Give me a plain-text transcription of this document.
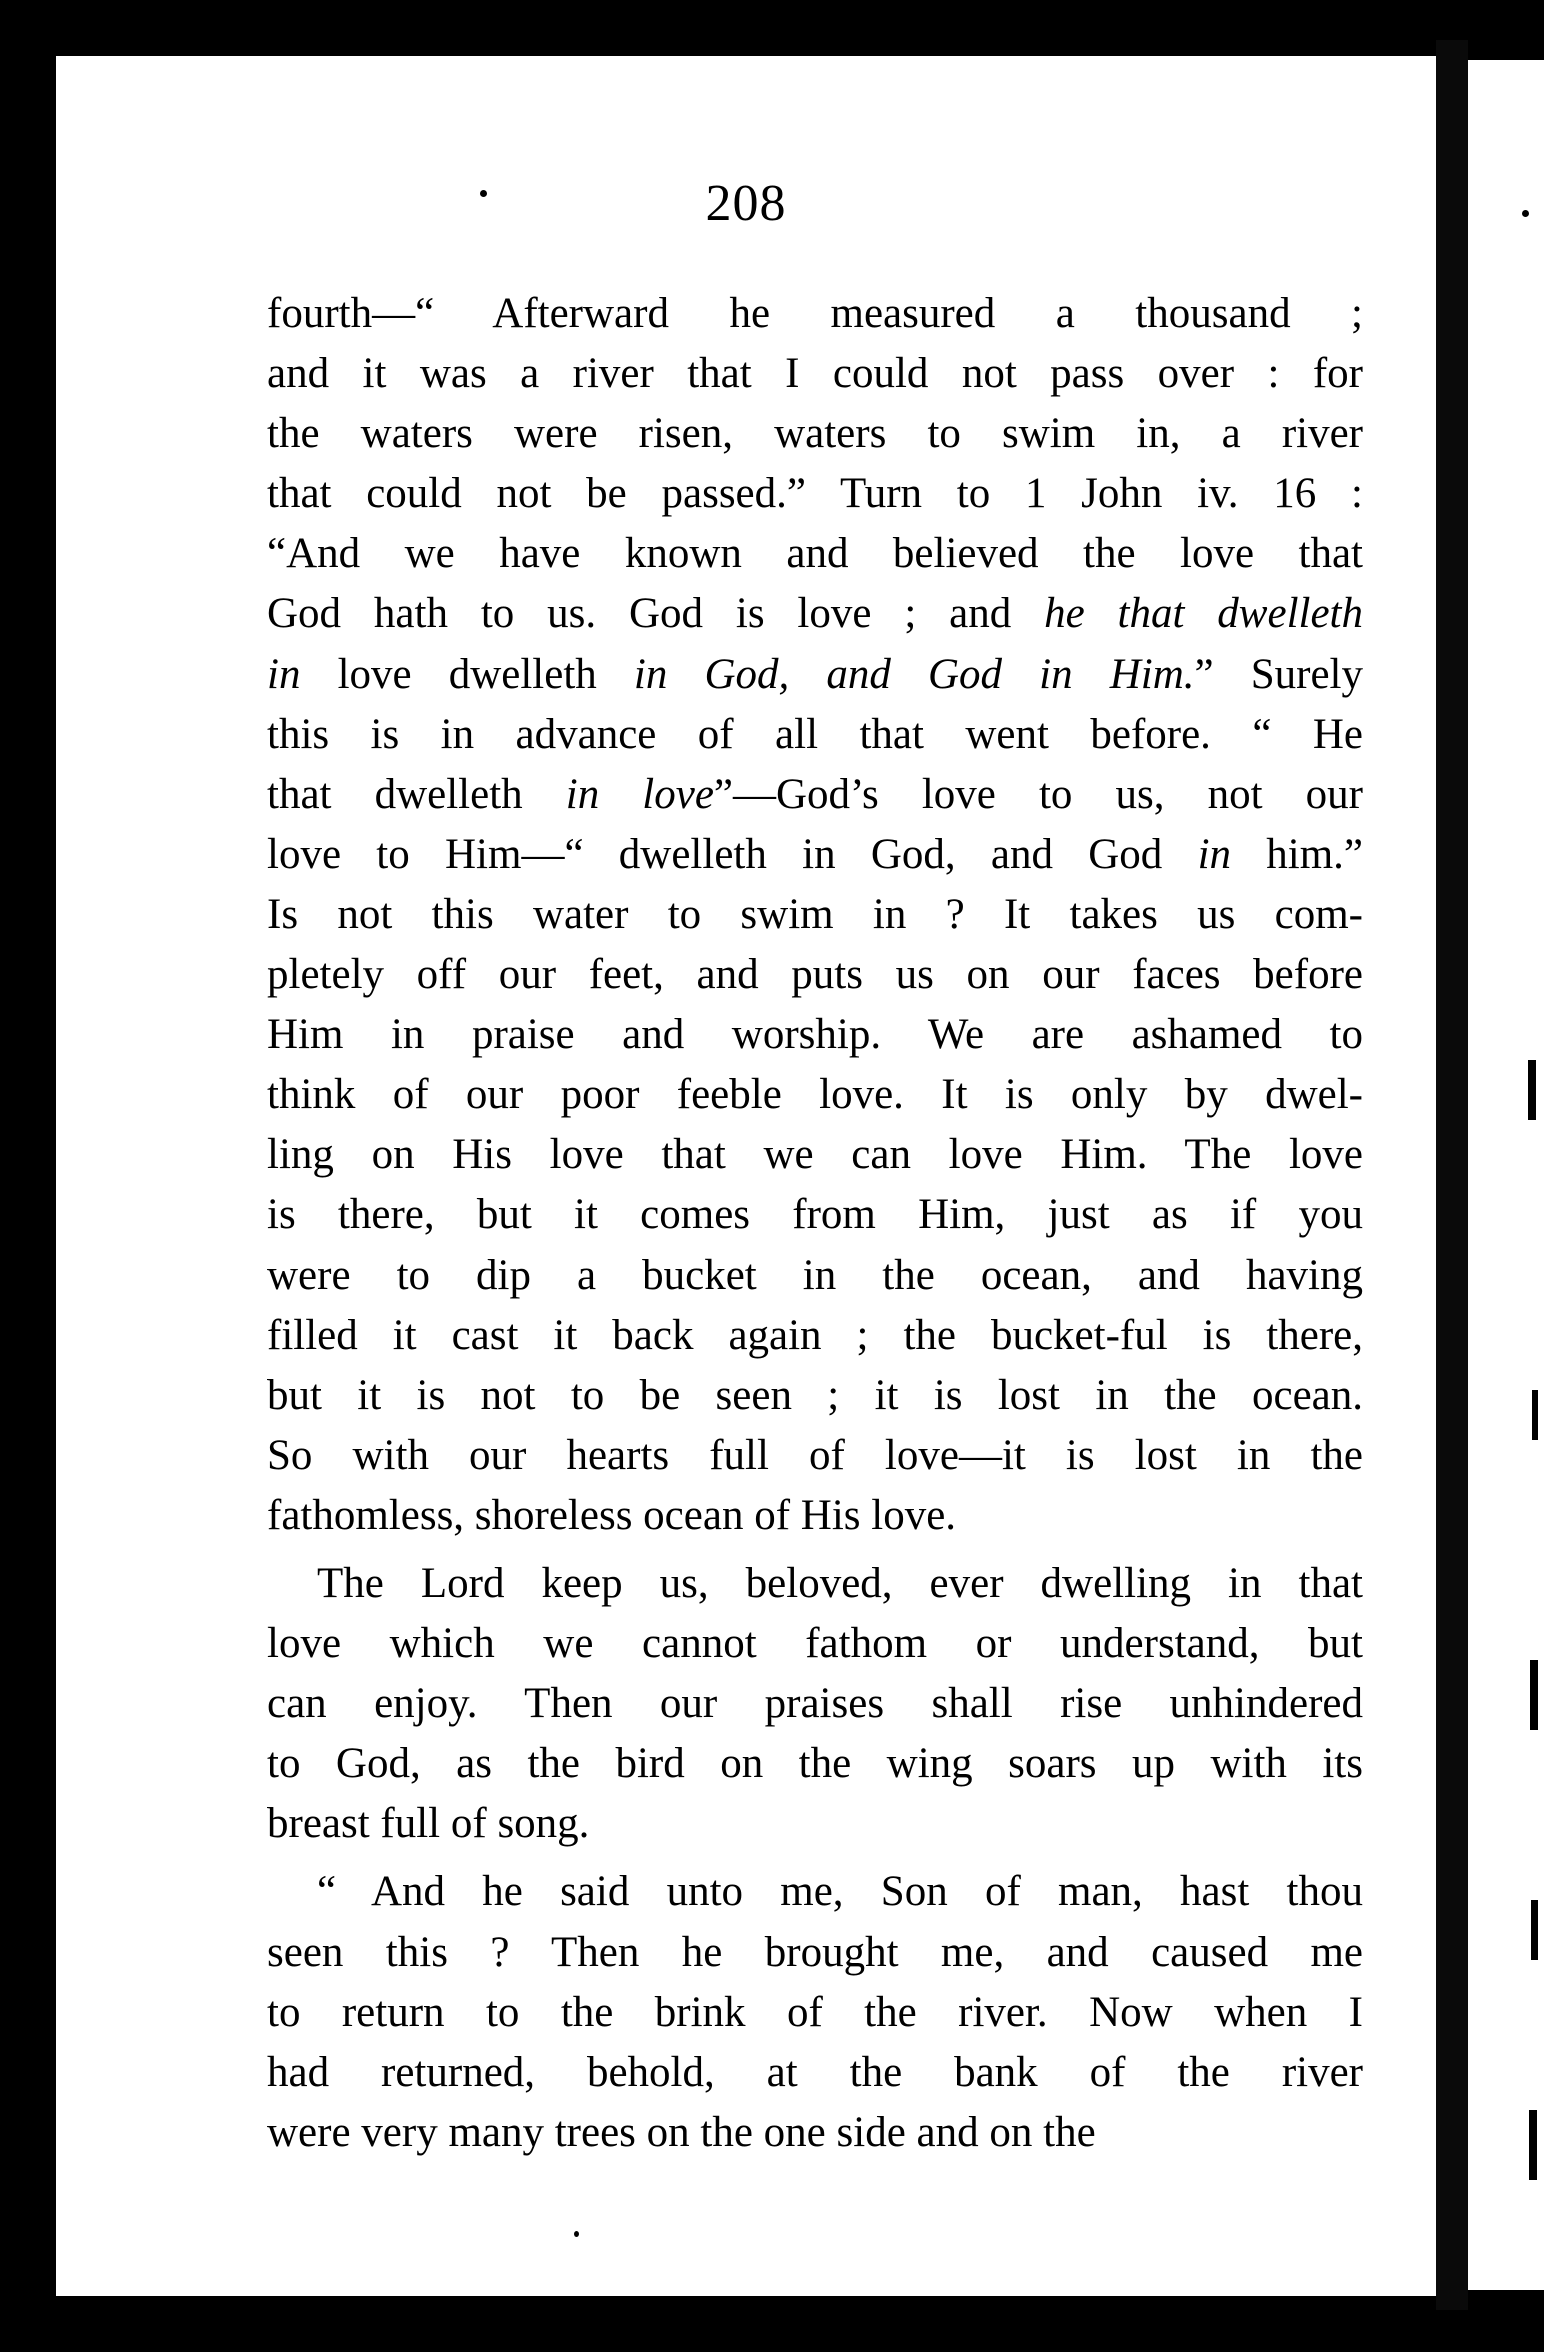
208
fourth—“ Afterward he measured a thousand ;
and it was a river that I could not pass over : for
the waters were risen, waters to swim in, a river
that could not be passed.” Turn to 1 John iv. 16 :
“And we have known and believed the love that
God hath to us. God is love ; and he that dwelleth
in love dwelleth in God, and God in Him.” Surely
this is in advance of all that went before. “ He
that dwelleth in love”—God’s love to us, not our
love to Him—“ dwelleth in God, and God in him.”
Is not this water to swim in ? It takes us com-
pletely off our feet, and puts us on our faces before
Him in praise and worship. We are ashamed to
think of our poor feeble love. It is only by dwel-
ling on His love that we can love Him. The love
is there, but it comes from Him, just as if you
were to dip a bucket in the ocean, and having
filled it cast it back again ; the bucket-ful is there,
but it is not to be seen ; it is lost in the ocean.
So with our hearts full of love—it is lost in the
fathomless, shoreless ocean of His love.
The Lord keep us, beloved, ever dwelling in that
love which we cannot fathom or understand, but
can enjoy. Then our praises shall rise unhindered
to God, as the bird on the wing soars up with its
breast full of song.
“ And he said unto me, Son of man, hast thou
seen this ? Then he brought me, and caused me
to return to the brink of the river. Now when I
had returned, behold, at the bank of the river
were very many trees on the one side and on the
